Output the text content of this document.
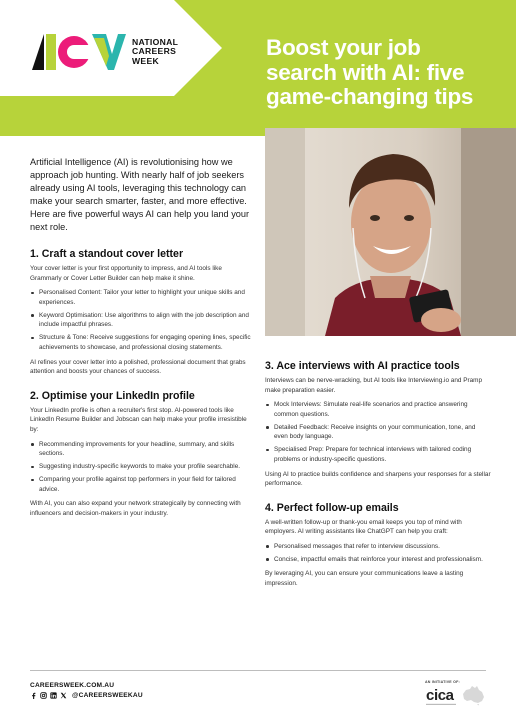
NATIONAL
CAREERS
WEEK
Boost your job
search with AI: five
game-changing tips

Artificial Intelligence (AI) is revolutionising how we approach job hunting. With nearly half of job seekers already using AI tools, leveraging this technology can make your search smarter, faster, and more effective. Here are five powerful ways AI can help you land your next role.

1. Craft a standout cover letter

Your cover letter is your first opportunity to impress, and AI tools like Grammarly or Cover Letter Builder can help make it shine.

Personalised Content: Tailor your letter to highlight your unique skills and experiences.
Keyword Optimisation: Use algorithms to align with the job description and include impactful phrases.
Structure & Tone: Receive suggestions for engaging opening lines, specific achievements to showcase, and professional closing statements.

AI refines your cover letter into a polished, professional document that grabs attention and boosts your chances of success.

2. Optimise your LinkedIn profile

Your LinkedIn profile is often a recruiter's first stop. AI-powered tools like LinkedIn Resume Builder and Jobscan can help make your profile irresistible by:

Recommending improvements for your headline, summary, and skills sections.
Suggesting industry-specific keywords to make your profile searchable.
Comparing your profile against top performers in your field for tailored advice.

With AI, you can also expand your network strategically by connecting with influencers and decision-makers in your industry.

3. Ace interviews with AI practice tools

Interviews can be nerve-wracking, but AI tools like Interviewing.io and Pramp make preparation easier.

Mock Interviews: Simulate real-life scenarios and practice answering common questions.
Detailed Feedback: Receive insights on your communication, tone, and even body language.
Specialised Prep: Prepare for technical interviews with tailored coding problems or industry-specific questions.

Using AI to practice builds confidence and sharpens your responses for a stellar performance.

4. Perfect follow-up emails

A well-written follow-up or thank-you email keeps you top of mind with employers. AI writing assistants like ChatGPT can help you craft:

Personalised messages that refer to interview discussions.
Concise, impactful emails that reinforce your interest and professionalism.

By leveraging AI, you can ensure your communications leave a lasting impression.

CAREERSWEEK.COM.AU
@CAREERSWEEKAU
AN INITIATIVE OF:
cica
